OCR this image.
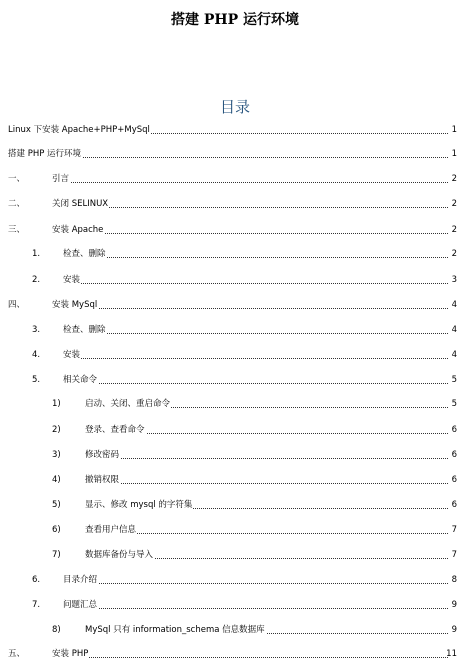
搭建 PHP 运行环境
目录
Linux 下安装 Apache+PHP+MySql	1
搭建 PHP 运行环境	1
一、	引言	2
二、	关闭 SELINUX	2
三、	安装 Apache	2
1.	检查、删除	2
2.	安装	3
四、	安装 MySql	4
3.	检查、删除	4
4.	安装	4
5.	相关命令	5
1)	启动、关闭、重启命令	5
2)	登录、查看命令	6
3)	修改密码	6
4)	撤销权限	6
5)	显示、修改 mysql 的字符集	6
6)	查看用户信息	7
7)	数据库备份与导入	7
6.	目录介绍	8
7.	问题汇总	9
8)	MySql 只有 information_schema 信息数据库	9
五、	安装 PHP	11
